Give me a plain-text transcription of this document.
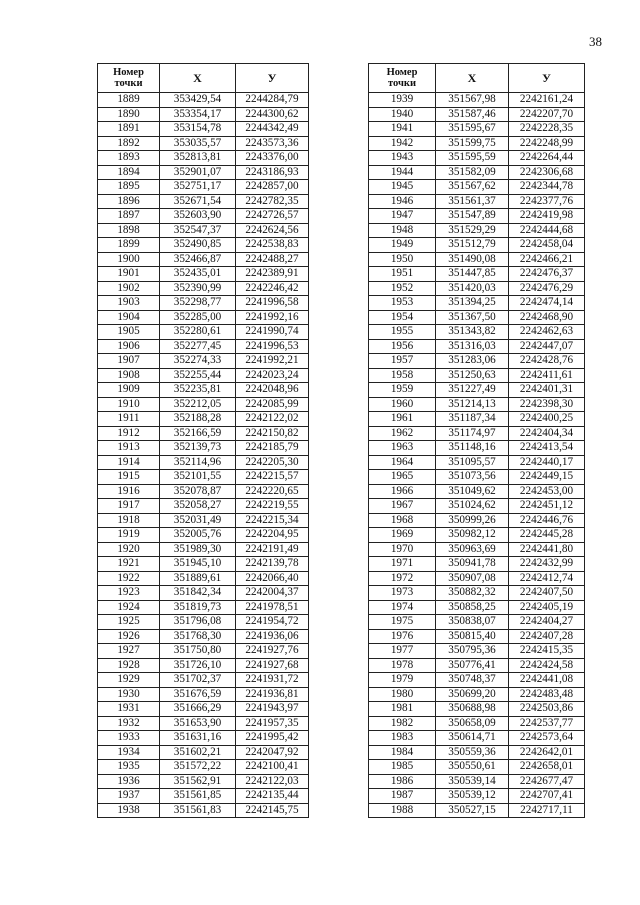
38
Номер
точки	Х	У
1889	353429,54	2244284,79
1890	353354,17	2244300,62
1891	353154,78	2244342,49
1892	353035,57	2243573,36
1893	352813,81	2243376,00
1894	352901,07	2243186,93
1895	352751,17	2242857,00
1896	352671,54	2242782,35
1897	352603,90	2242726,57
1898	352547,37	2242624,56
1899	352490,85	2242538,83
1900	352466,87	2242488,27
1901	352435,01	2242389,91
1902	352390,99	2242246,42
1903	352298,77	2241996,58
1904	352285,00	2241992,16
1905	352280,61	2241990,74
1906	352277,45	2241996,53
1907	352274,33	2241992,21
1908	352255,44	2242023,24
1909	352235,81	2242048,96
1910	352212,05	2242085,99
1911	352188,28	2242122,02
1912	352166,59	2242150,82
1913	352139,73	2242185,79
1914	352114,96	2242205,30
1915	352101,55	2242215,57
1916	352078,87	2242220,65
1917	352058,27	2242219,55
1918	352031,49	2242215,34
1919	352005,76	2242204,95
1920	351989,30	2242191,49
1921	351945,10	2242139,78
1922	351889,61	2242066,40
1923	351842,34	2242004,37
1924	351819,73	2241978,51
1925	351796,08	2241954,72
1926	351768,30	2241936,06
1927	351750,80	2241927,76
1928	351726,10	2241927,68
1929	351702,37	2241931,72
1930	351676,59	2241936,81
1931	351666,29	2241943,97
1932	351653,90	2241957,35
1933	351631,16	2241995,42
1934	351602,21	2242047,92
1935	351572,22	2242100,41
1936	351562,91	2242122,03
1937	351561,85	2242135,44
1938	351561,83	2242145,75
Номер
точки	Х	У
1939	351567,98	2242161,24
1940	351587,46	2242207,70
1941	351595,67	2242228,35
1942	351599,75	2242248,99
1943	351595,59	2242264,44
1944	351582,09	2242306,68
1945	351567,62	2242344,78
1946	351561,37	2242377,76
1947	351547,89	2242419,98
1948	351529,29	2242444,68
1949	351512,79	2242458,04
1950	351490,08	2242466,21
1951	351447,85	2242476,37
1952	351420,03	2242476,29
1953	351394,25	2242474,14
1954	351367,50	2242468,90
1955	351343,82	2242462,63
1956	351316,03	2242447,07
1957	351283,06	2242428,76
1958	351250,63	2242411,61
1959	351227,49	2242401,31
1960	351214,13	2242398,30
1961	351187,34	2242400,25
1962	351174,97	2242404,34
1963	351148,16	2242413,54
1964	351095,57	2242440,17
1965	351073,56	2242449,15
1966	351049,62	2242453,00
1967	351024,62	2242451,12
1968	350999,26	2242446,76
1969	350982,12	2242445,28
1970	350963,69	2242441,80
1971	350941,78	2242432,99
1972	350907,08	2242412,74
1973	350882,32	2242407,50
1974	350858,25	2242405,19
1975	350838,07	2242404,27
1976	350815,40	2242407,28
1977	350795,36	2242415,35
1978	350776,41	2242424,58
1979	350748,37	2242441,08
1980	350699,20	2242483,48
1981	350688,98	2242503,86
1982	350658,09	2242537,77
1983	350614,71	2242573,64
1984	350559,36	2242642,01
1985	350550,61	2242658,01
1986	350539,14	2242677,47
1987	350539,12	2242707,41
1988	350527,15	2242717,11
